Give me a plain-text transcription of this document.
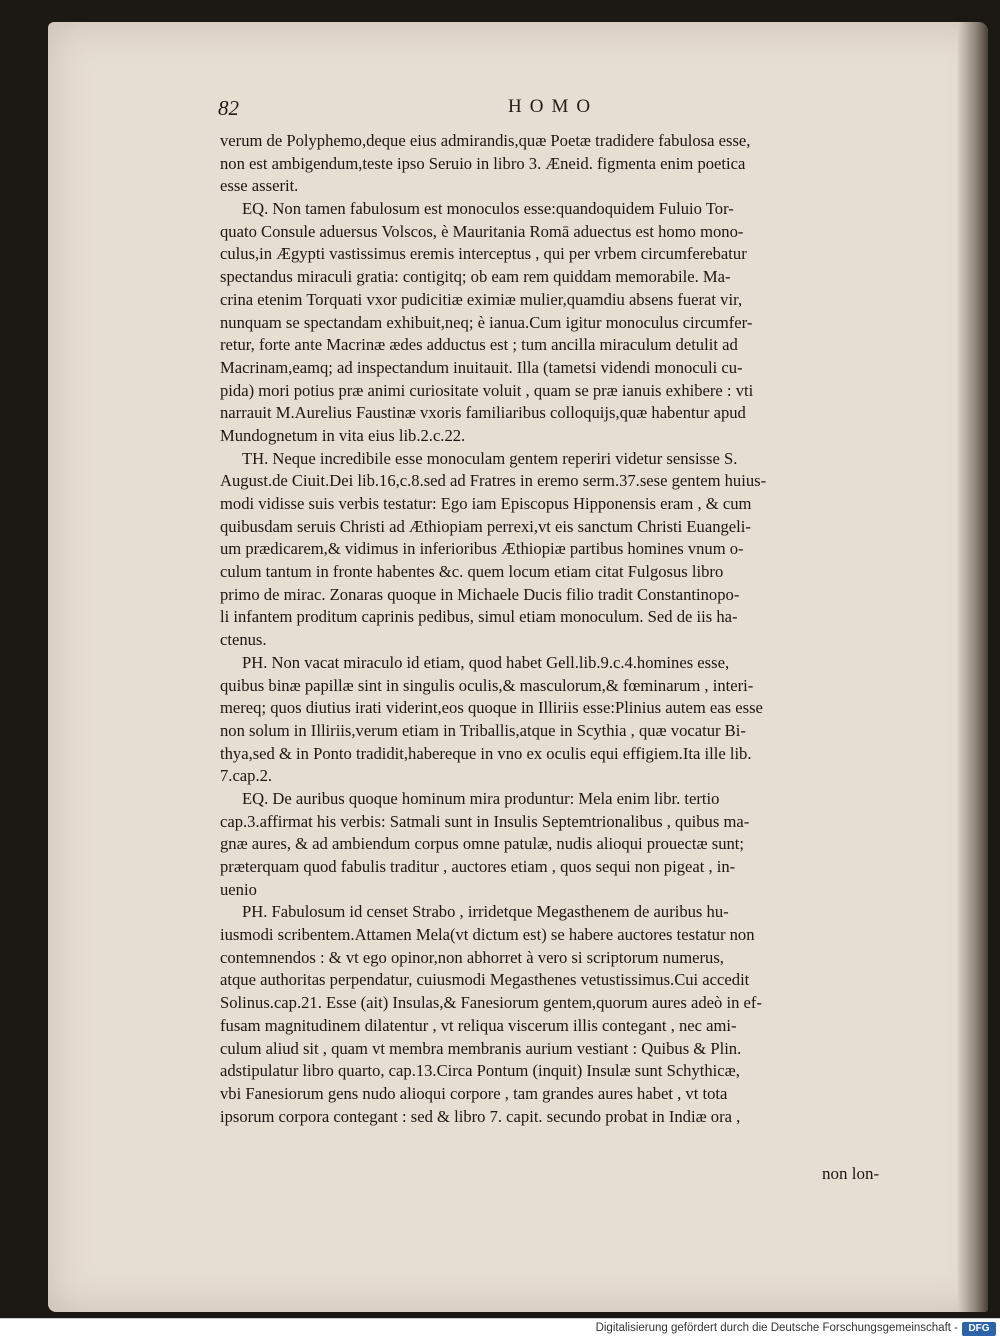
82	HOMO
verum de Polyphemo,deque eius admirandis,quæ Poetæ tradidere fabulosa esse,
non est ambigendum,teste ipso Seruio in libro 3. Æneid. figmenta enim poetica
esse asserit.
EQ. Non tamen fabulosum est monoculos esse:quandoquidem Fuluio Tor-
quato Consule aduersus Volscos, è Mauritania Romā aduectus est homo mono-
culus,in Ægypti vastissimus eremis interceptus , qui per vrbem circumferebatur
spectandus miraculi gratia: contigitq; ob eam rem quiddam memorabile. Ma-
crina etenim Torquati vxor pudicitiæ eximiæ mulier,quamdiu absens fuerat vir,
nunquam se spectandam exhibuit,neq; è ianua.Cum igitur monoculus circumfer-
retur, forte ante Macrinæ ædes adductus est ; tum ancilla miraculum detulit ad
Macrinam,eamq; ad inspectandum inuitauit. Illa (tametsi videndi monoculi cu-
pida) mori potius præ animi curiositate voluit , quam se præ ianuis exhibere : vti
narrauit M.Aurelius Faustinæ vxoris familiaribus colloquijs,quæ habentur apud
Mundognetum in vita eius lib.2.c.22.
TH. Neque incredibile esse monoculam gentem reperiri videtur sensisse S.
August.de Ciuit.Dei lib.16,c.8.sed ad Fratres in eremo serm.37.sese gentem huius-
modi vidisse suis verbis testatur: Ego iam Episcopus Hipponensis eram , & cum
quibusdam seruis Christi ad Æthiopiam perrexi,vt eis sanctum Christi Euangeli-
um prædicarem,& vidimus in inferioribus Æthiopiæ partibus homines vnum o-
culum tantum in fronte habentes &c. quem locum etiam citat Fulgosus libro
primo de mirac. Zonaras quoque in Michaele Ducis filio tradit Constantinopo-
li infantem proditum caprinis pedibus, simul etiam monoculum. Sed de iis ha-
ctenus.
PH. Non vacat miraculo id etiam, quod habet Gell.lib.9.c.4.homines esse,
quibus binæ papillæ sint in singulis oculis,& masculorum,& fœminarum , interi-
mereq; quos diutius irati viderint,eos quoque in Illiriis esse:Plinius autem eas esse
non solum in Illiriis,verum etiam in Triballis,atque in Scythia , quæ vocatur Bi-
thya,sed & in Ponto tradidit,habereque in vno ex oculis equi effigiem.Ita ille lib.
7.cap.2.
EQ. De auribus quoque hominum mira produntur: Mela enim libr. tertio
cap.3.affirmat his verbis: Satmali sunt in Insulis Septemtrionalibus , quibus ma-
gnæ aures, & ad ambiendum corpus omne patulæ, nudis alioqui prouectæ sunt;
præterquam quod fabulis traditur , auctores etiam , quos sequi non pigeat , in-
uenio
PH. Fabulosum id censet Strabo , irridetque Megasthenem de auribus hu-
iusmodi scribentem.Attamen Mela(vt dictum est) se habere auctores testatur non
contemnendos : & vt ego opinor,non abhorret à vero si scriptorum numerus,
atque authoritas perpendatur, cuiusmodi Megasthenes vetustissimus.Cui accedit
Solinus.cap.21. Esse (ait) Insulas,& Fanesiorum gentem,quorum aures adeò in ef-
fusam magnitudinem dilatentur , vt reliqua viscerum illis contegant , nec ami-
culum aliud sit , quam vt membra membranis aurium vestiant : Quibus & Plin.
adstipulatur libro quarto, cap.13.Circa Pontum (inquit) Insulæ sunt Schythicæ,
vbi Fanesiorum gens nudo alioqui corpore , tam grandes aures habet , vt tota
ipsorum corpora contegant : sed & libro 7. capit. secundo probat in Indiæ ora ,
non lon-
Digitalisierung gefördert durch die Deutsche Forschungsgemeinschaft -	DFG
